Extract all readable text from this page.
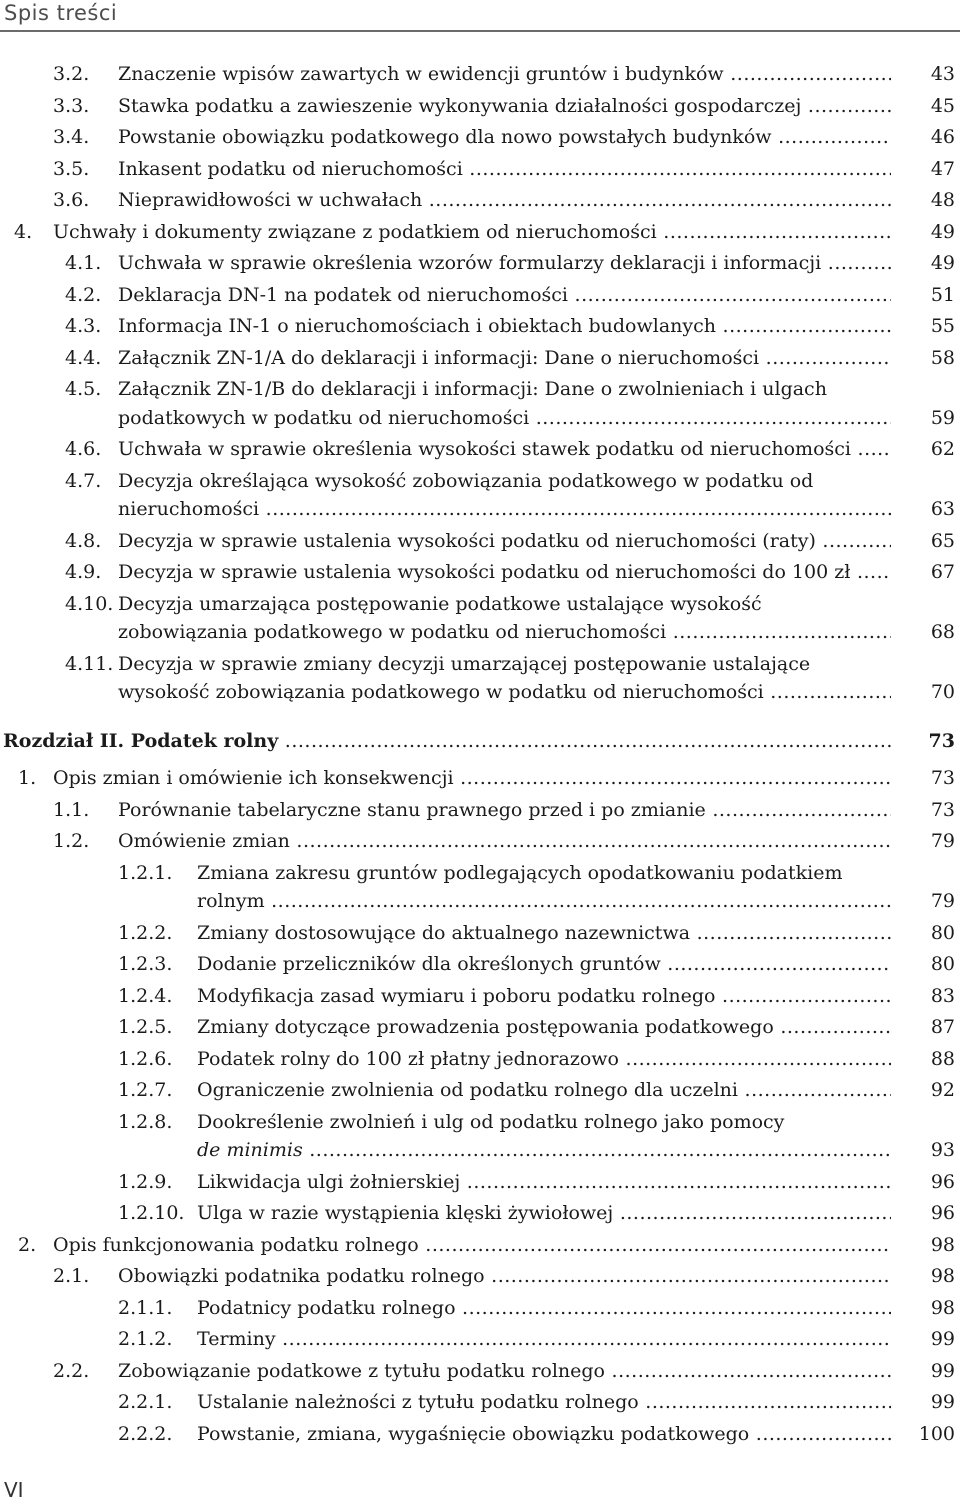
Spis treści
3.2. Znaczenie wpisów zawartych w ewidencji gruntów i budynków .....	43
3.3. Stawka podatku a zawieszenie wykonywania działalności gospodarczej .....	45
3.4. Powstanie obowiązku podatkowego dla nowo powstałych budynków .....	46
3.5. Inkasent podatku od nieruchomości .....	47
3.6. Nieprawidłowości w uchwałach .....	48
4. Uchwały i dokumenty związane z podatkiem od nieruchomości .....	49
4.1. Uchwała w sprawie określenia wzorów formularzy deklaracji i informacji .....	49
4.2. Deklaracja DN-1 na podatek od nieruchomości .....	51
4.3. Informacja IN-1 o nieruchomościach i obiektach budowlanych .....	55
4.4. Załącznik ZN-1/A do deklaracji i informacji: Dane o nieruchomości .....	58
4.5. Załącznik ZN-1/B do deklaracji i informacji: Dane o zwolnieniach i ulgach
podatkowych w podatku od nieruchomości .....	59
4.6. Uchwała w sprawie określenia wysokości stawek podatku od nieruchomości .....	62
4.7. Decyzja określająca wysokość zobowiązania podatkowego w podatku od
nieruchomości .....	63
4.8. Decyzja w sprawie ustalenia wysokości podatku od nieruchomości (raty) .....	65
4.9. Decyzja w sprawie ustalenia wysokości podatku od nieruchomości do 100 zł .....	67
4.10. Decyzja umarzająca postępowanie podatkowe ustalające wysokość
zobowiązania podatkowego w podatku od nieruchomości .....	68
4.11. Decyzja w sprawie zmiany decyzji umarzającej postępowanie ustalające
wysokość zobowiązania podatkowego w podatku od nieruchomości .....	70
Rozdział II. Podatek rolny .....	73
1. Opis zmian i omówienie ich konsekwencji .....	73
1.1. Porównanie tabelaryczne stanu prawnego przed i po zmianie .....	73
1.2. Omówienie zmian .....	79
1.2.1. Zmiana zakresu gruntów podlegających opodatkowaniu podatkiem
rolnym .....	79
1.2.2. Zmiany dostosowujące do aktualnego nazewnictwa .....	80
1.2.3. Dodanie przeliczników dla określonych gruntów .....	80
1.2.4. Modyfikacja zasad wymiaru i poboru podatku rolnego .....	83
1.2.5. Zmiany dotyczące prowadzenia postępowania podatkowego .....	87
1.2.6. Podatek rolny do 100 zł płatny jednorazowo .....	88
1.2.7. Ograniczenie zwolnienia od podatku rolnego dla uczelni .....	92
1.2.8. Dookreślenie zwolnień i ulg od podatku rolnego jako pomocy
de minimis .....	93
1.2.9. Likwidacja ulgi żołnierskiej .....	96
1.2.10. Ulga w razie wystąpienia klęski żywiołowej .....	96
2. Opis funkcjonowania podatku rolnego .....	98
2.1. Obowiązki podatnika podatku rolnego .....	98
2.1.1. Podatnicy podatku rolnego .....	98
2.1.2. Terminy .....	99
2.2. Zobowiązanie podatkowe z tytułu podatku rolnego .....	99
2.2.1. Ustalanie należności z tytułu podatku rolnego .....	99
2.2.2. Powstanie, zmiana, wygaśnięcie obowiązku podatkowego .....	100
VI
